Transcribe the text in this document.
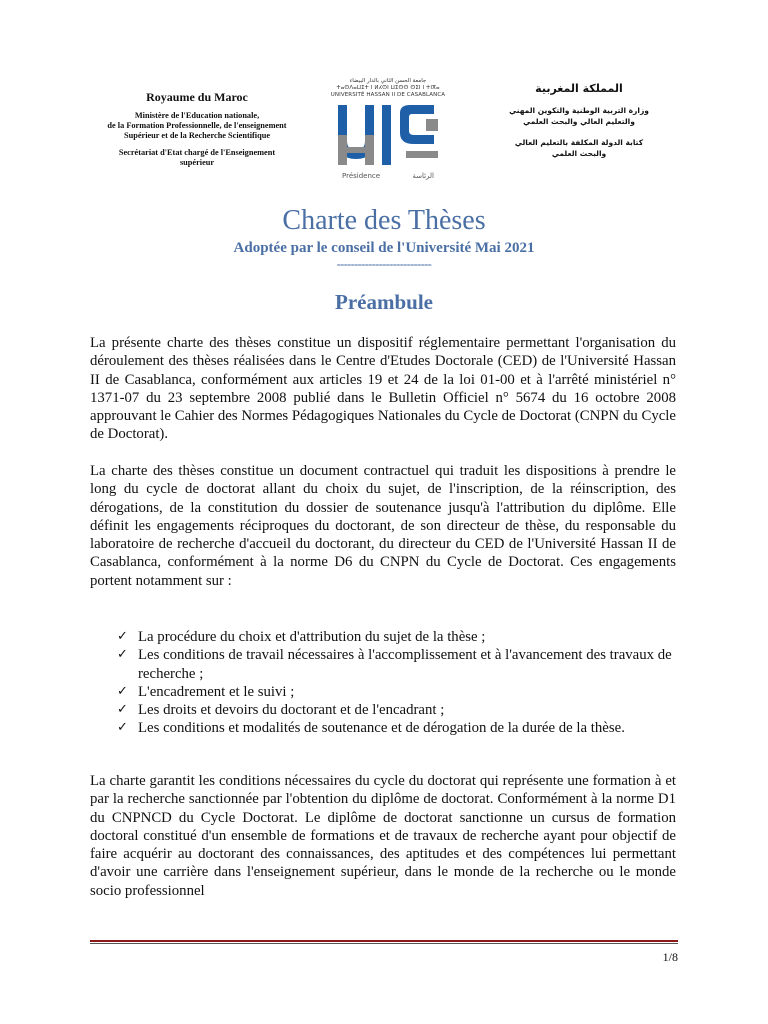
Royaume du Maroc
Ministère de l'Education nationale,
de la Formation Professionnelle, de l'enseignement
Supérieur et de la Recherche Scientifique
Secrétariat d'Etat chargé de l'Enseignement
supérieur
جامعة الحسن الثاني بالدار البيضاء
ⵜⴰⵙⴷⴰⵡⵉⵜ ⵏ ⵍⵃⵙⵏ ⵡⵉⵙⵙ ⵙⵉⵏ ⵏ ⵜⵏⴳⴰ
UNIVERSITÉ HASSAN II DE CASABLANCA
Présidence	الرئاسة
المملكة المغربية
وزارة التربية الوطنية والتكوين المهني
والتعليم العالي والبحث العلمي
كتابة الدولة المكلفة بالتعليم العالي
والبحث العلمي
Charte des Thèses
Adoptée par le conseil de l'Université Mai 2021
---------------------------
Préambule
La présente charte des thèses constitue un dispositif réglementaire permettant l'organisation du déroulement des thèses réalisées dans le Centre d'Etudes Doctorale (CED) de l'Université Hassan II de Casablanca, conformément aux articles 19 et 24 de la loi 01-00 et à l'arrêté ministériel n° 1371-07 du 23 septembre 2008 publié dans le Bulletin Officiel n° 5674 du 16 octobre 2008 approuvant le Cahier des Normes Pédagogiques Nationales du Cycle de Doctorat (CNPN du Cycle de Doctorat).
La charte des thèses constitue un document contractuel qui traduit les dispositions à prendre le long du cycle de doctorat allant du choix du sujet, de l'inscription, de la réinscription, des dérogations, de la constitution du dossier de soutenance jusqu'à l'attribution du diplôme. Elle définit les engagements réciproques du doctorant, de son directeur de thèse, du responsable du laboratoire de recherche d'accueil du doctorant, du directeur du CED de l'Université Hassan II de Casablanca, conformément à la norme D6 du CNPN du Cycle de Doctorat. Ces engagements portent notamment sur :
✓ La procédure du choix et d'attribution du sujet de la thèse ;
✓ Les conditions de travail nécessaires à l'accomplissement et à l'avancement des travaux de recherche ;
✓ L'encadrement et le suivi ;
✓ Les droits et devoirs du doctorant et de l'encadrant ;
✓ Les conditions et modalités de soutenance et de dérogation de la durée de la thèse.
La charte garantit les conditions nécessaires du cycle du doctorat qui représente une formation à et par la recherche sanctionnée par l'obtention du diplôme de doctorat. Conformément à la norme D1 du CNPNCD du Cycle Doctorat. Le diplôme de doctorat sanctionne un cursus de formation doctoral constitué d'un ensemble de formations et de travaux de recherche ayant pour objectif de faire acquérir au doctorant des connaissances, des aptitudes et des compétences lui permettant d'avoir une carrière dans l'enseignement supérieur, dans le monde de la recherche ou le monde socio professionnel
1/8
